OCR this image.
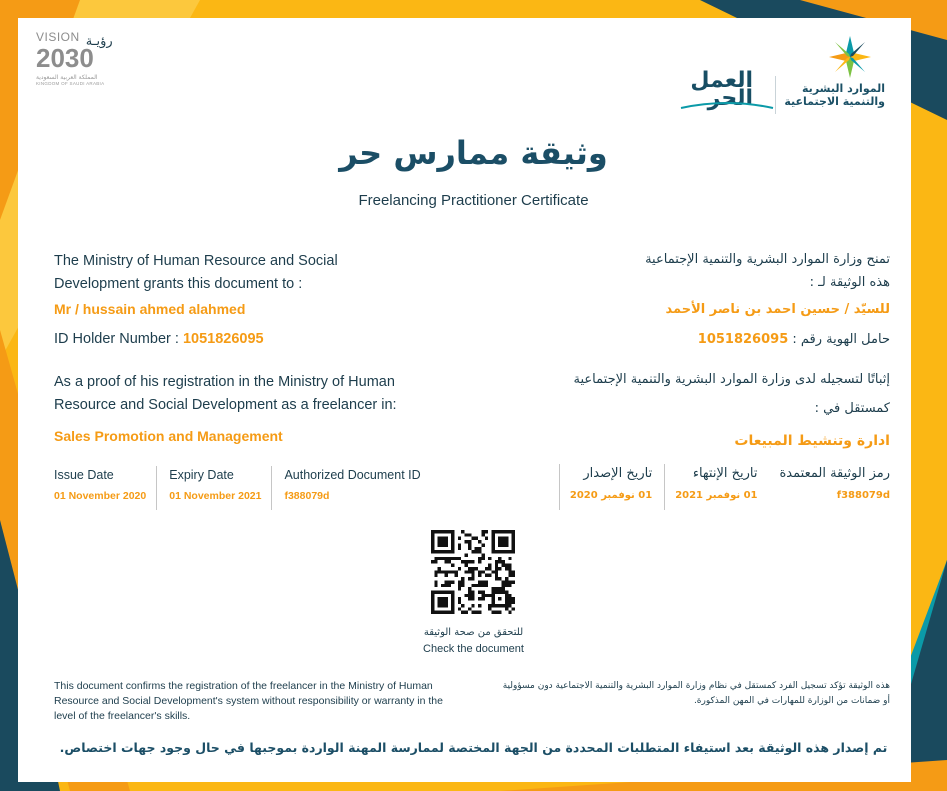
VISION رؤيـة
2030
المملكة العربية السعودية
KINGDOM OF SAUDI ARABIA	العمل
الحر	الموارد البشرية
والتنمية الاجتماعية
وثيقة ممارس حر
Freelancing Practitioner Certificate
The Ministry of Human Resource and Social Development grants this document to :
Mr / hussain ahmed alahmed
ID Holder Number : 1051826095
As a proof of his registration in the Ministry of Human Resource and Social Development as a freelancer in:
Sales Promotion and Management
Issue Date
01 November 2020
Expiry Date
01 November 2021
Authorized Document ID
f388079d
تمنح وزارة الموارد البشرية والتنمية الإجتماعية
هذه الوثيقة لـ :
للسيّد / حسين احمد بن ناصر الأحمد
حامل الهوية رقم : 1051826095
إثباتًا لتسجيله لدى وزارة الموارد البشرية والتنمية الإجتماعية
كمستقل في :
ادارة وتنشيط المبيعات
تاريخ الإصدار
01 نوفمبر 2020
تاريخ الإنتهاء
01 نوفمبر 2021
رمز الوثيقة المعتمدة
f388079d
للتحقق من صحة الوثيقة
Check the document
This document confirms the registration of the freelancer in the Ministry of Human Resource and Social Development's system without responsibility or warranty in the level of the freelancer's skills.
هذه الوثيقة تؤكد تسجيل الفرد كمستقل في نظام وزارة الموارد البشرية والتنمية الاجتماعية دون مسؤولية أو ضمانات من الوزارة للمهارات في المهن المذكورة.
تم إصدار هذه الوثيقة بعد استيفاء المتطلبات المحددة من الجهة المختصة لممارسة المهنة الواردة بموجبها في حال وجود جهات اختصاص.
